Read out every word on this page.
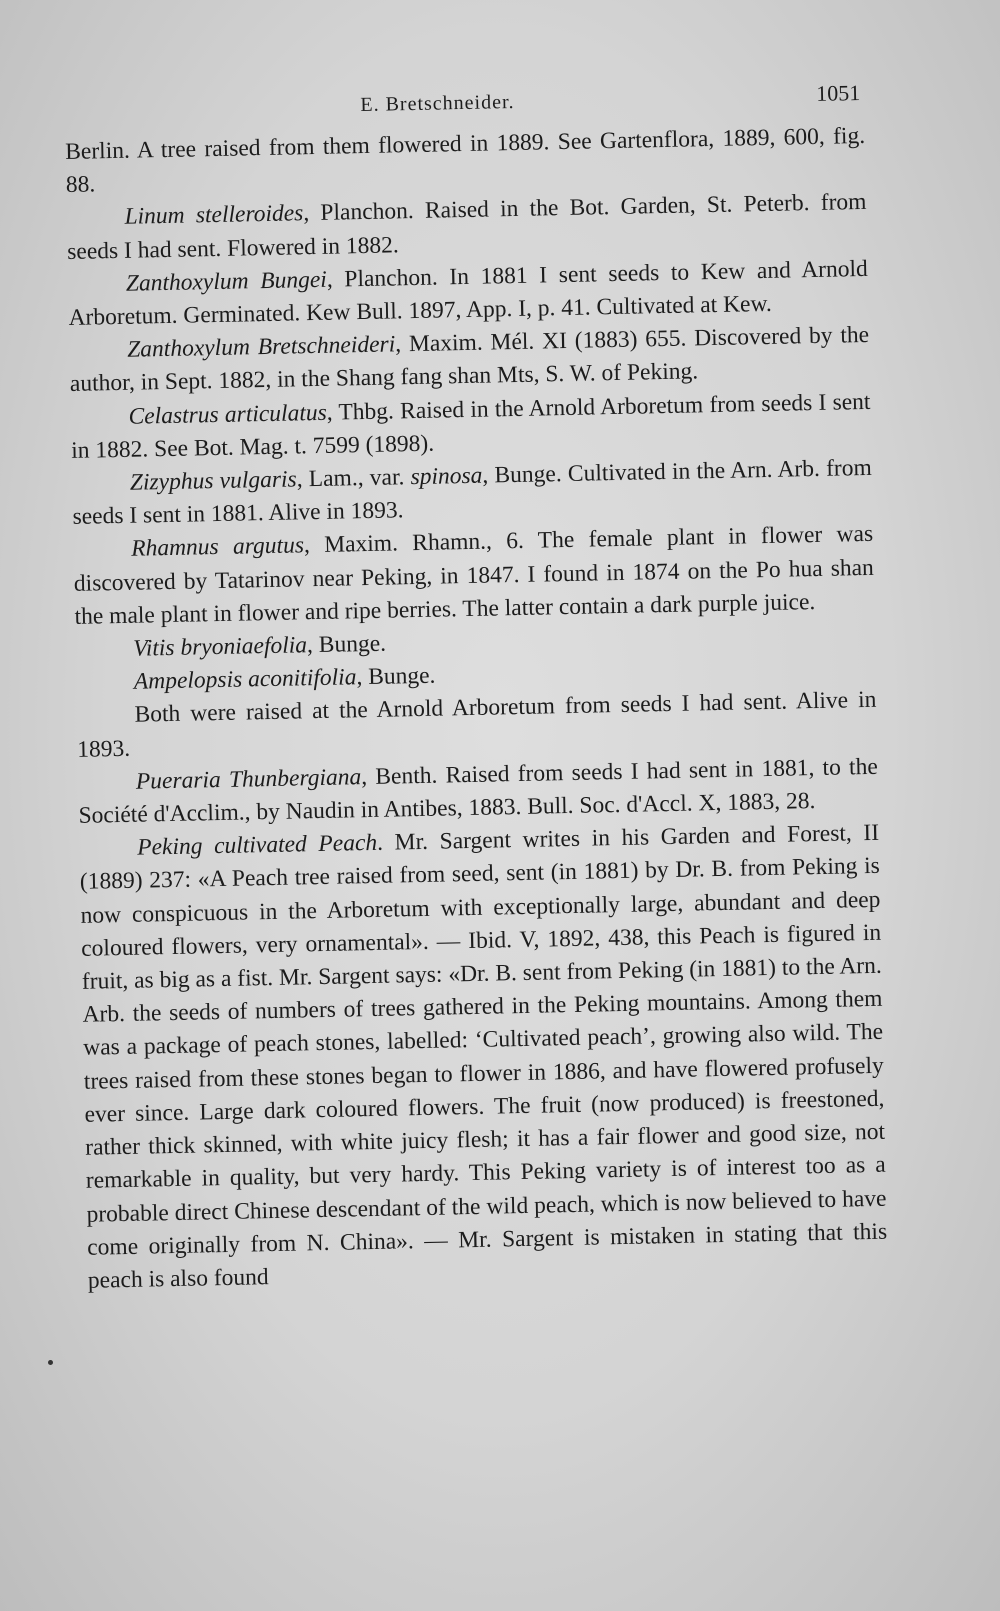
E. Bretschneider.	1051

Berlin. A tree raised from them flowered in 1889. See Gartenflora, 1889, 600, fig. 88.

Linum stelleroides, Planchon. Raised in the Bot. Garden, St. Peterb. from seeds I had sent. Flowered in 1882.

Zanthoxylum Bungei, Planchon. In 1881 I sent seeds to Kew and Arnold Arboretum. Germinated. Kew Bull. 1897, App. I, p. 41. Cultivated at Kew.

Zanthoxylum Bretschneideri, Maxim. Mél. XI (1883) 655. Discovered by the author, in Sept. 1882, in the Shang fang shan Mts, S. W. of Peking.

Celastrus articulatus, Thbg. Raised in the Arnold Arboretum from seeds I sent in 1882. See Bot. Mag. t. 7599 (1898).

Zizyphus vulgaris, Lam., var. spinosa, Bunge. Cultivated in the Arn. Arb. from seeds I sent in 1881. Alive in 1893.

Rhamnus argutus, Maxim. Rhamn., 6. The female plant in flower was discovered by Tatarinov near Peking, in 1847. I found in 1874 on the Po hua shan the male plant in flower and ripe berries. The latter contain a dark purple juice.

Vitis bryoniaefolia, Bunge.

Ampelopsis aconitifolia, Bunge.

Both were raised at the Arnold Arboretum from seeds I had sent. Alive in 1893.

Pueraria Thunbergiana, Benth. Raised from seeds I had sent in 1881, to the Société d'Acclim., by Naudin in Antibes, 1883. Bull. Soc. d'Accl. X, 1883, 28.

Peking cultivated Peach. Mr. Sargent writes in his Garden and Forest, II (1889) 237: «A Peach tree raised from seed, sent (in 1881) by Dr. B. from Peking is now conspicuous in the Arboretum with exceptionally large, abundant and deep coloured flowers, very ornamental». — Ibid. V, 1892, 438, this Peach is figured in fruit, as big as a fist. Mr. Sargent says: «Dr. B. sent from Peking (in 1881) to the Arn. Arb. the seeds of numbers of trees gathered in the Peking mountains. Among them was a package of peach stones, labelled: ‘Cultivated peach’, growing also wild. The trees raised from these stones began to flower in 1886, and have flowered profusely ever since. Large dark coloured flowers. The fruit (now produced) is freestoned, rather thick skinned, with white juicy flesh; it has a fair flower and good size, not remarkable in quality, but very hardy. This Peking variety is of interest too as a probable direct Chinese descendant of the wild peach, which is now believed to have come originally from N. China». — Mr. Sargent is mistaken in stating that this peach is also found
